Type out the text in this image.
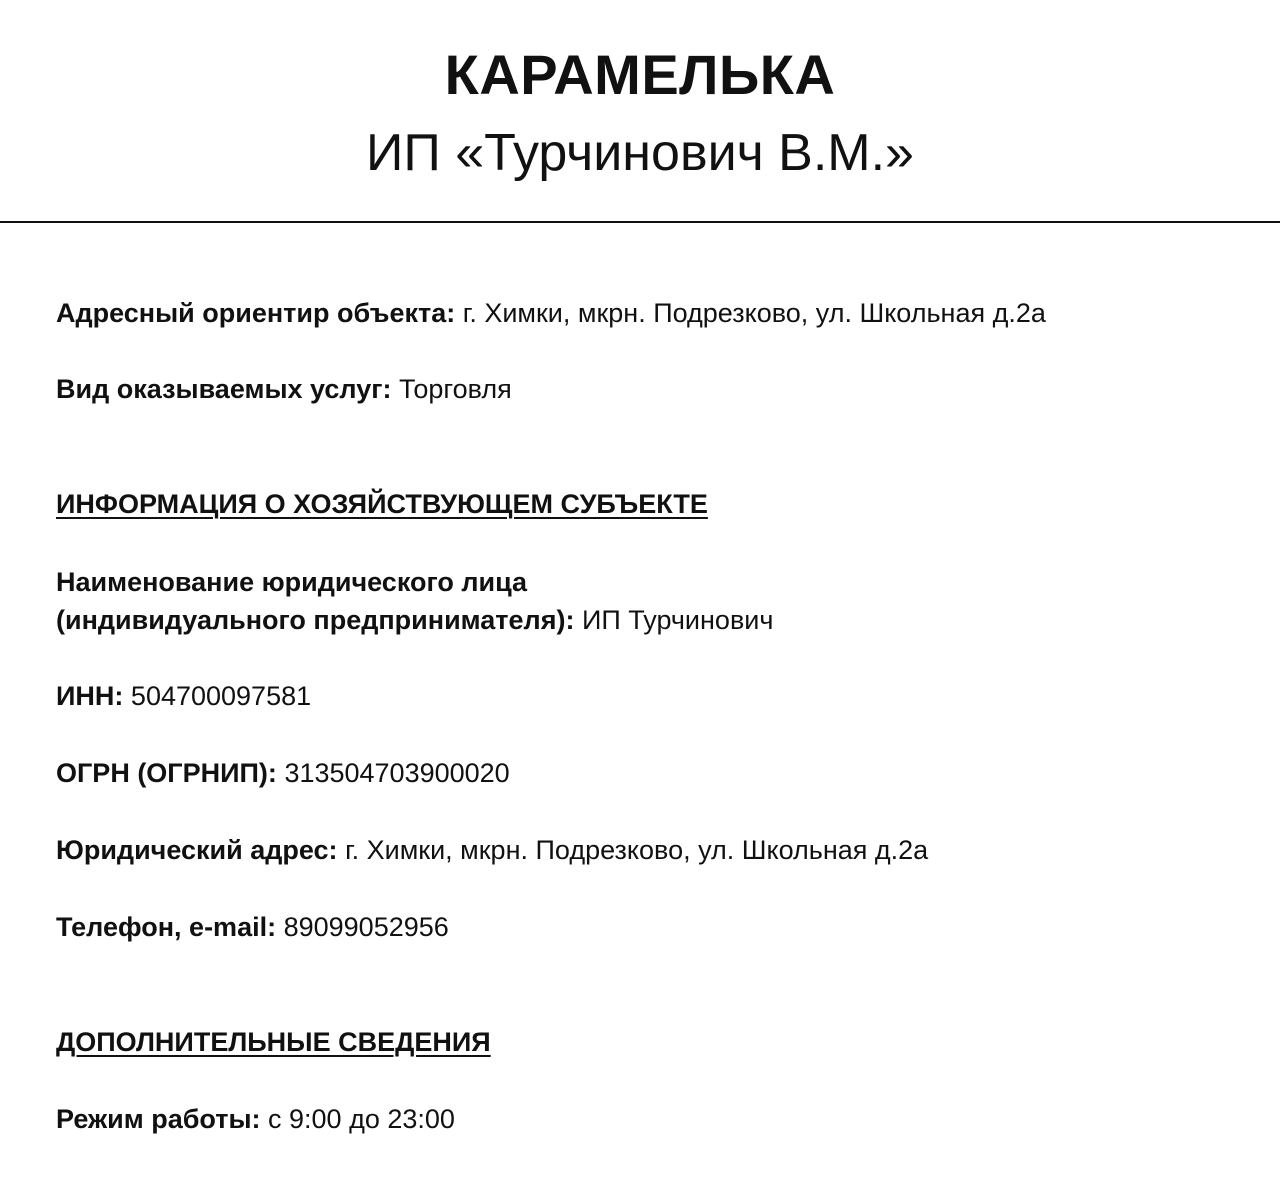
КАРАМЕЛЬКА
ИП «Турчинович В.М.»
Адресный ориентир объекта: г. Химки, мкрн. Подрезково, ул. Школьная д.2а
Вид оказываемых услуг: Торговля
ИНФОРМАЦИЯ О ХОЗЯЙСТВУЮЩЕМ СУБЪЕКТЕ
Наименование юридического лица
(индивидуального предпринимателя): ИП Турчинович
ИНН: 504700097581
ОГРН (ОГРНИП): 313504703900020
Юридический адрес: г. Химки, мкрн. Подрезково, ул. Школьная д.2а
Телефон, e-mail: 89099052956
ДОПОЛНИТЕЛЬНЫЕ СВЕДЕНИЯ
Режим работы: с 9:00 до 23:00
